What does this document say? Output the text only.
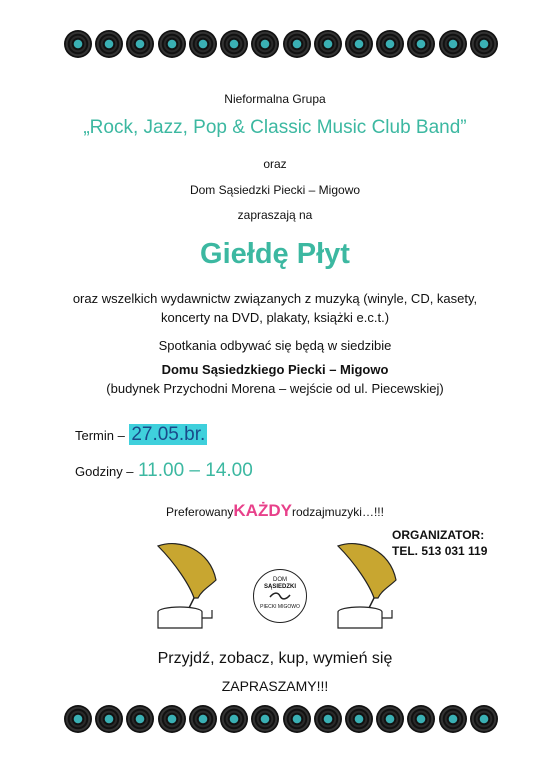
Nieformalna Grupa
„Rock, Jazz, Pop & Classic Music Club Band”
oraz
Dom Sąsiedzki Piecki – Migowo
zapraszają na
Giełdę Płyt
oraz wszelkich wydawnictw związanych z muzyką (winyle, CD, kasety,
koncerty na DVD, plakaty, książki e.c.t.)
Spotkania odbywać się będą w siedzibie
Domu Sąsiedzkiego Piecki – Migowo
(budynek Przychodni Morena – wejście od ul. Piecewskiej)
Termin – 27.05.br.
Godziny – 11.00 – 14.00
PreferowanyKAŻDYrodzajmuzyki…!!!
ORGANIZATOR:
TEL. 513 031 119
DOM
SĄSIEDZKI
PIECKI MIGOWO
Przyjdź, zobacz, kup, wymień się
ZAPRASZAMY!!!
